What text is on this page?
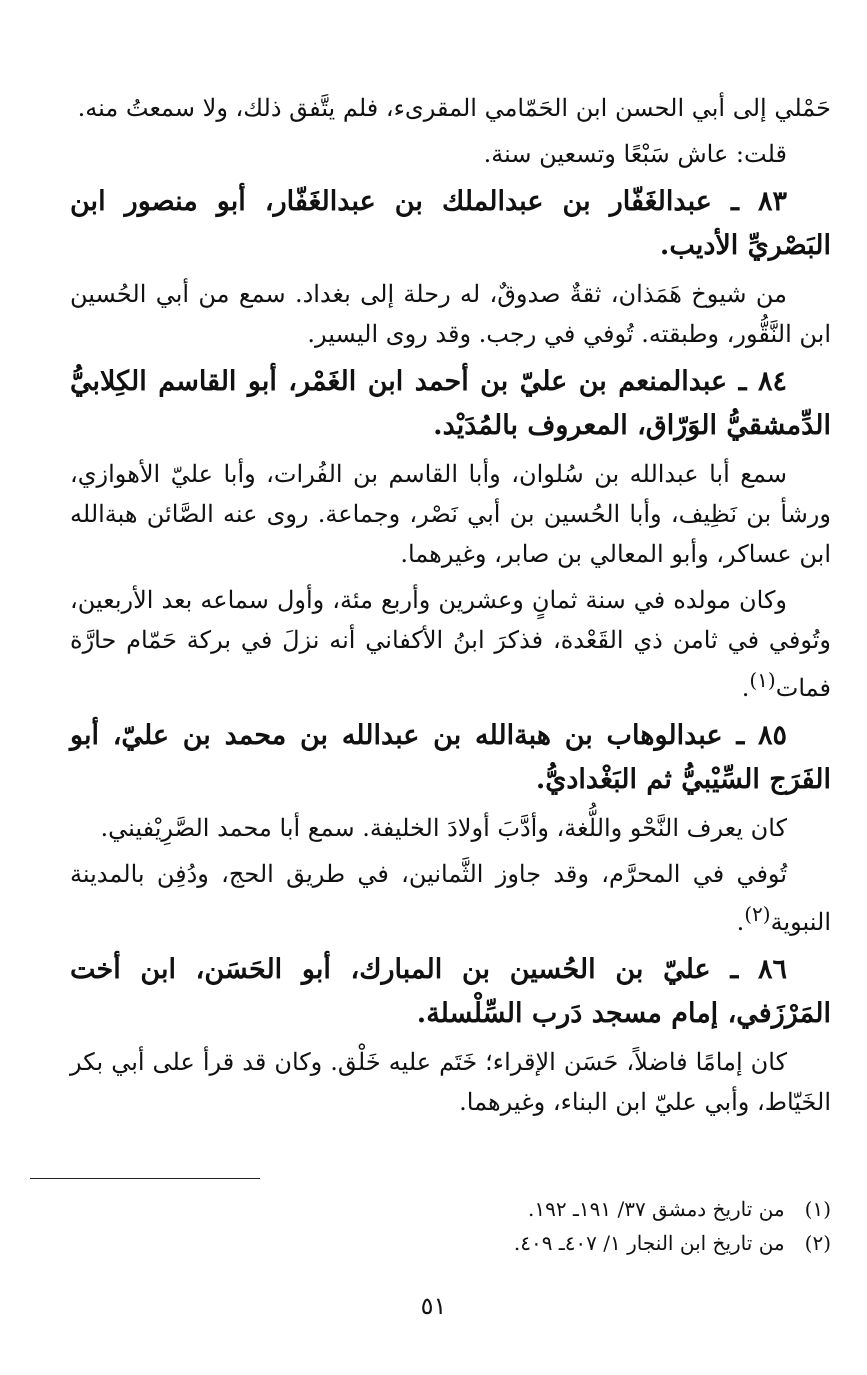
حَمْلي إلى أبي الحسن ابن الحَمّامي المقرىء، فلم يتَّفق ذلك، ولا سمعتُ منه.

قلت: عاش سَبْعًا وتسعين سنة.

٨٣ ـ عبدالغَفّار بن عبدالملك بن عبدالغَفّار، أبو منصور ابن البَصْريِّ الأديب.

من شيوخ هَمَذان، ثقةٌ صدوقٌ، له رحلة إلى بغداد. سمع من أبي الحُسين ابن النَّقُّور، وطبقته. تُوفي في رجب. وقد روى اليسير.

٨٤ ـ عبدالمنعم بن عليّ بن أحمد ابن الغَمْر، أبو القاسم الكِلابيُّ الدِّمشقيُّ الوَرّاق، المعروف بالمُدَيْد.

سمع أبا عبدالله بن سُلوان، وأبا القاسم بن الفُرات، وأبا عليّ الأهوازي، ورشأ بن نَظِيف، وأبا الحُسين بن أبي نَصْر، وجماعة. روى عنه الصَّائن هبةالله ابن عساكر، وأبو المعالي بن صابر، وغيرهما.

وكان مولده في سنة ثمانٍ وعشرين وأربع مئة، وأول سماعه بعد الأربعين، وتُوفي في ثامن ذي القَعْدة، فذكرَ ابنُ الأكفاني أنه نزلَ في بركة حَمّام حارَّة فمات$^{(١)}$.

٨٥ ـ عبدالوهاب بن هبةالله بن عبدالله بن محمد بن عليّ، أبو الفَرَج السِّيْبيُّ ثم البَغْداديُّ.

كان يعرف النَّحْو واللُّغة، وأدَّبَ أولادَ الخليفة. سمع أبا محمد الصَّرِيْفيني.

تُوفي في المحرَّم، وقد جاوز الثَّمانين، في طريق الحج، ودُفِن بالمدينة النبوية$^{(٢)}$.

٨٦ ـ عليّ بن الحُسين بن المبارك، أبو الحَسَن، ابن أخت المَرْزَفي، إمام مسجد دَرب السِّلْسلة.

كان إمامًا فاضلاً، حَسَن الإقراء؛ خَتَم عليه خَلْق. وكان قد قرأ على أبي بكر الخَيّاط، وأبي عليّ ابن البناء، وغيرهما.

(١) من تاريخ دمشق ٣٧/ ١٩١ـ ١٩٢.
(٢) من تاريخ ابن النجار ١/ ٤٠٧ـ ٤٠٩.
٥١
